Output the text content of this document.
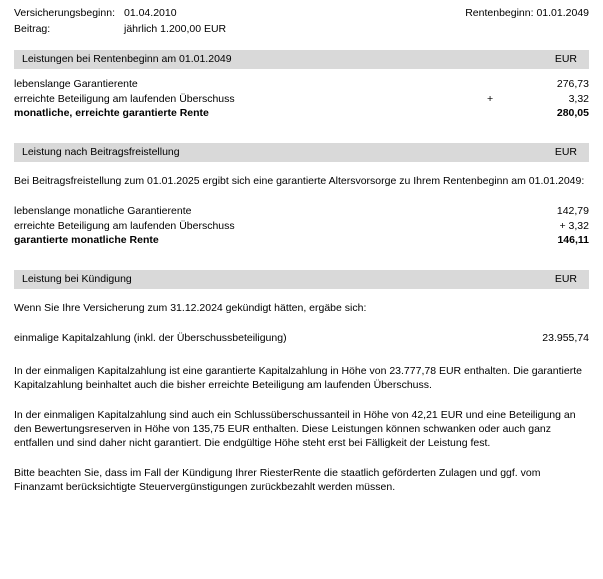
Versicherungsbeginn: 01.04.2010	Rentenbeginn: 01.01.2049
Beitrag:	jährlich 1.200,00 EUR
Leistungen bei Rentenbeginn am 01.01.2049	EUR
lebenslange Garantierente	276,73
erreichte Beteiligung am laufenden Überschuss	+	3,32
monatliche, erreichte garantierte Rente	280,05
Leistung nach Beitragsfreistellung	EUR
Bei Beitragsfreistellung zum 01.01.2025 ergibt sich eine garantierte Altersvorsorge zu Ihrem Rentenbeginn am 01.01.2049:
lebenslange monatliche Garantierente	142,79
erreichte Beteiligung am laufenden Überschuss	+ 3,32
garantierte monatliche Rente	146,11
Leistung bei Kündigung	EUR
Wenn Sie Ihre Versicherung zum 31.12.2024 gekündigt hätten, ergäbe sich:
einmalige Kapitalzahlung (inkl. der Überschussbeteiligung)	23.955,74
In der einmaligen Kapitalzahlung ist eine garantierte Kapitalzahlung in Höhe von 23.777,78 EUR enthalten. Die garantierte Kapitalzahlung beinhaltet auch die bisher erreichte Beteiligung am laufenden Überschuss.
In der einmaligen Kapitalzahlung sind auch ein Schlussüberschussanteil in Höhe von 42,21 EUR und eine Beteiligung an den Bewertungsreserven in Höhe von 135,75 EUR enthalten. Diese Leistungen können schwanken oder auch ganz entfallen und sind daher nicht garantiert. Die endgültige Höhe steht erst bei Fälligkeit der Leistung fest.
Bitte beachten Sie, dass im Fall der Kündigung Ihrer RiesterRente die staatlich geförderten Zulagen und ggf. vom Finanzamt berücksichtigte Steuervergünstigungen zurückbezahlt werden müssen.
